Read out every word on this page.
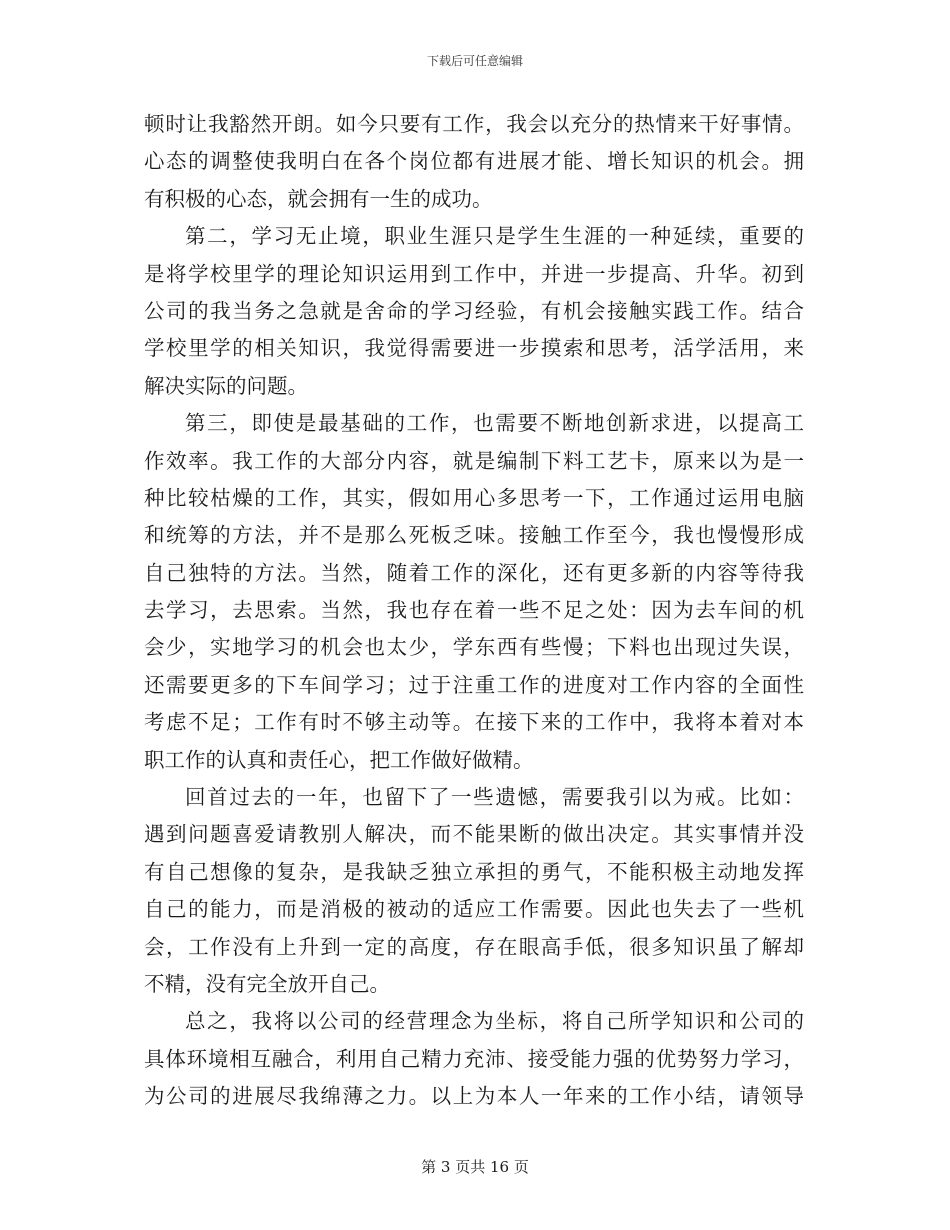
下载后可任意编辑
顿时让我豁然开朗。如今只要有工作，我会以充分的热情来干好事情。
心态的调整使我明白在各个岗位都有进展才能、增长知识的机会。拥
有积极的心态，就会拥有一生的成功。
第二，学习无止境，职业生涯只是学生生涯的一种延续，重要的
是将学校里学的理论知识运用到工作中，并进一步提高、升华。初到
公司的我当务之急就是舍命的学习经验，有机会接触实践工作。结合
学校里学的相关知识，我觉得需要进一步摸索和思考，活学活用，来
解决实际的问题。
第三，即使是最基础的工作，也需要不断地创新求进，以提高工
作效率。我工作的大部分内容，就是编制下料工艺卡，原来以为是一
种比较枯燥的工作，其实，假如用心多思考一下，工作通过运用电脑
和统筹的方法，并不是那么死板乏味。接触工作至今，我也慢慢形成
自己独特的方法。当然，随着工作的深化，还有更多新的内容等待我
去学习，去思索。当然，我也存在着一些不足之处：因为去车间的机
会少，实地学习的机会也太少，学东西有些慢；下料也出现过失误，
还需要更多的下车间学习；过于注重工作的进度对工作内容的全面性
考虑不足；工作有时不够主动等。在接下来的工作中，我将本着对本
职工作的认真和责任心，把工作做好做精。
回首过去的一年，也留下了一些遗憾，需要我引以为戒。比如：
遇到问题喜爱请教别人解决，而不能果断的做出决定。其实事情并没
有自己想像的复杂，是我缺乏独立承担的勇气，不能积极主动地发挥
自己的能力，而是消极的被动的适应工作需要。因此也失去了一些机
会，工作没有上升到一定的高度，存在眼高手低，很多知识虽了解却
不精，没有完全放开自己。
总之，我将以公司的经营理念为坐标，将自己所学知识和公司的
具体环境相互融合，利用自己精力充沛、接受能力强的优势努力学习，
为公司的进展尽我绵薄之力。以上为本人一年来的工作小结，请领导
第 3 页共 16 页
